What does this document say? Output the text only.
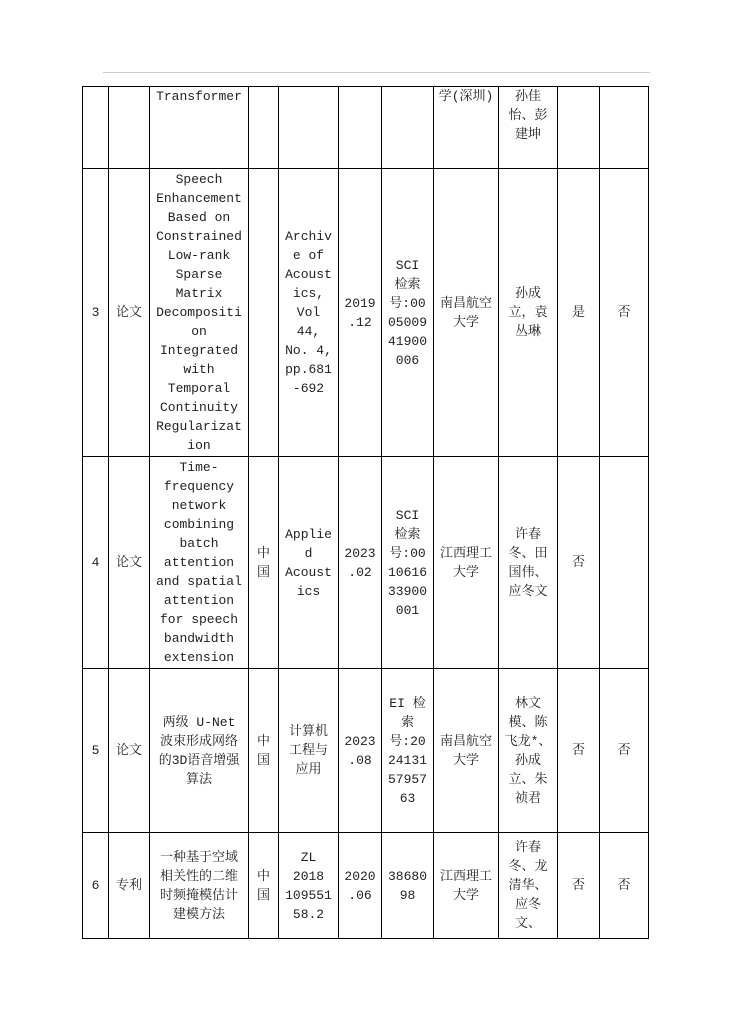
		Transformer					学(深圳)	孙佳怡、彭建坤		
3	论文	Speech Enhancement Based on Constrained Low-rank Sparse Matrix Decomposition Integrated with Temporal Continuity Regularization		Archive of Acoustics, Vol 44, No. 4, pp.681-692	2019.12	SCI 检索号:000500941900006	南昌航空大学	孙成立，袁丛琳	是	否
4	论文	Time-frequency network combining batch attention and spatial attention for speech bandwidth extension	中国	Applied Acoustics	2023.02	SCI 检索号:001061633900001	江西理工大学	许春冬、田国伟、应冬文	否	
5	论文	两级 U-Net 波束形成网络的3D语音增强算法	中国	计算机工程与应用	2023.08	EI 检索号:20241315795763	南昌航空大学	林文模、陈飞龙*、孙成立、朱祯君	否	否
6	专利	一种基于空域相关性的二维时频掩模估计 建模方法	中国	ZL 2018 109551 58.2	2020.06	3868098	江西理工大学	许春冬、龙清华、应冬文、	否	否
